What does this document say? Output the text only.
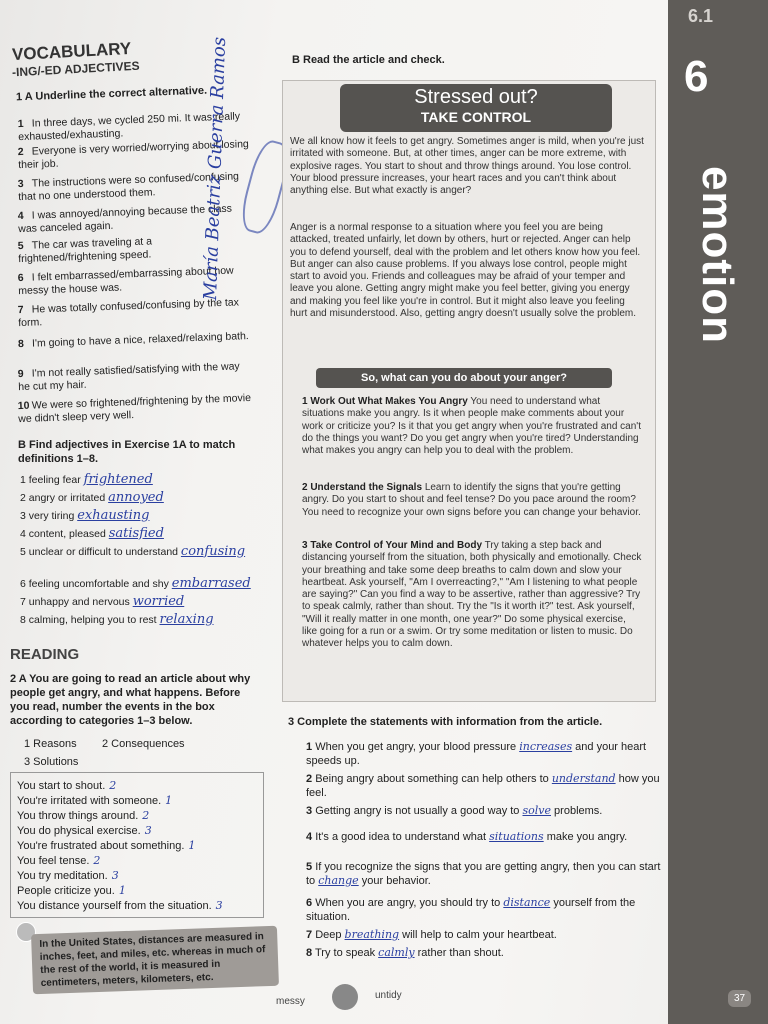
6.1
6
emotion
37
VOCABULARY
-ING/-ED ADJECTIVES
1 A Underline the correct alternative.
1 In three days, we cycled 250 mi. It was really exhausted/exhausting.
2 Everyone is very worried/worrying about losing their job.
3 The instructions were so confused/confusing that no one understood them.
4 I was annoyed/annoying because the class was canceled again.
5 The car was traveling at a frightened/frightening speed.
6 I felt embarrassed/embarrassing about how messy the house was.
7 He was totally confused/confusing by the tax form.
8 I'm going to have a nice, relaxed/relaxing bath.
9 I'm not really satisfied/satisfying with the way he cut my hair.
10 We were so frightened/frightening by the movie we didn't sleep very well.
B Find adjectives in Exercise 1A to match definitions 1–8.
1 feeling fear frightened
2 angry or irritated annoyed
3 very tiring exhausting
4 content, pleased satisfied
5 unclear or difficult to understand confusing
6 feeling uncomfortable and shy embarrased
7 unhappy and nervous worried
8 calming, helping you to rest relaxing
María Beatriz Guerra Ramos
READING
2 A You are going to read an article about why people get angry, and what happens. Before you read, number the events in the box according to categories 1–3 below.
1 Reasons 2 Consequences
3 Solutions
You start to shout. 2
You're irritated with someone. 1
You throw things around. 2
You do physical exercise. 3
You're frustrated about something. 1
You feel tense. 2
You try meditation. 3
People criticize you. 1
You distance yourself from the situation. 3
In the United States, distances are measured in inches, feet, and miles, etc. whereas in much of the rest of the world, it is measured in centimeters, meters, kilometers, etc.
B Read the article and check.
Stressed out?
TAKE CONTROL
We all know how it feels to get angry. Sometimes anger is mild, when you're just irritated with someone. But, at other times, anger can be more extreme, with explosive rages. You start to shout and throw things around. You lose control. Your blood pressure increases, your heart races and you can't think about anything else. But what exactly is anger?
Anger is a normal response to a situation where you feel you are being attacked, treated unfairly, let down by others, hurt or rejected. Anger can help you to defend yourself, deal with the problem and let others know how you feel. But anger can also cause problems. If you always lose control, people might start to avoid you. Friends and colleagues may be afraid of your temper and leave you alone. Getting angry might make you feel better, giving you energy and making you feel like you're in control. But it might also leave you feeling hurt and misunderstood. Also, getting angry doesn't usually solve the problem.
So, what can you do about your anger?
1 Work Out What Makes You Angry You need to understand what situations make you angry. Is it when people make comments about your work or criticize you? Is it that you get angry when you're frustrated and can't do the things you want? Do you get angry when you're tired? Understanding what makes you angry can help you to deal with the problem.
2 Understand the Signals Learn to identify the signs that you're getting angry. Do you start to shout and feel tense? Do you pace around the room? You need to recognize your own signs before you can change your behavior.
3 Take Control of Your Mind and Body Try taking a step back and distancing yourself from the situation, both physically and emotionally. Check your breathing and take some deep breaths to calm down and slow your heartbeat. Ask yourself, "Am I overreacting?," "Am I listening to what people are saying?" Can you find a way to be assertive, rather than aggressive? Try to speak calmly, rather than shout. Try the "Is it worth it?" test. Ask yourself, "Will it really matter in one month, one year?" Do some physical exercise, like going for a run or a swim. Or try some meditation or listen to music. Do whatever helps you to calm down.
3 Complete the statements with information from the article.
1 When you get angry, your blood pressure increases and your heart speeds up.
2 Being angry about something can help others to understand how you feel.
3 Getting angry is not usually a good way to solve problems.
4 It's a good idea to understand what situations make you angry.
5 If you recognize the signs that you are getting angry, then you can start to change your behavior.
6 When you are angry, you should try to distance yourself from the situation.
7 Deep breathing will help to calm your heartbeat.
8 Try to speak calmly rather than shout.
messy
untidy
